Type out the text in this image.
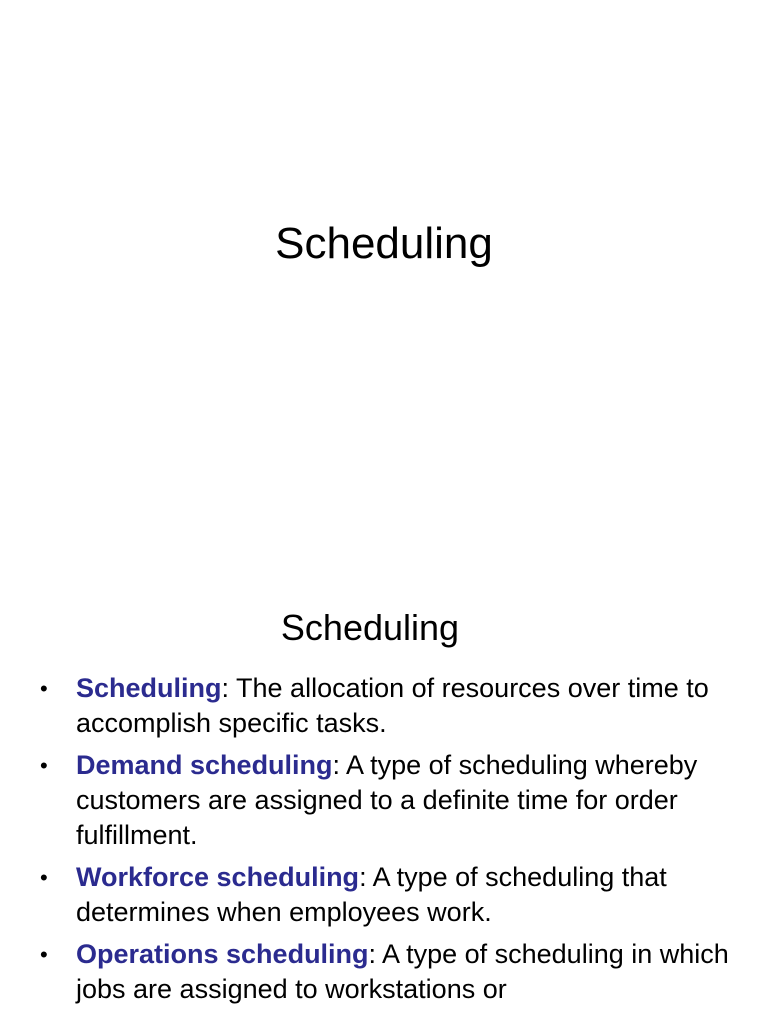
Scheduling
Scheduling
• Scheduling: The allocation of resources over time to accomplish specific tasks.
• Demand scheduling: A type of scheduling whereby customers are assigned to a definite time for order fulfillment.
• Workforce scheduling: A type of scheduling that determines when employees work.
• Operations scheduling: A type of scheduling in which jobs are assigned to workstations or
